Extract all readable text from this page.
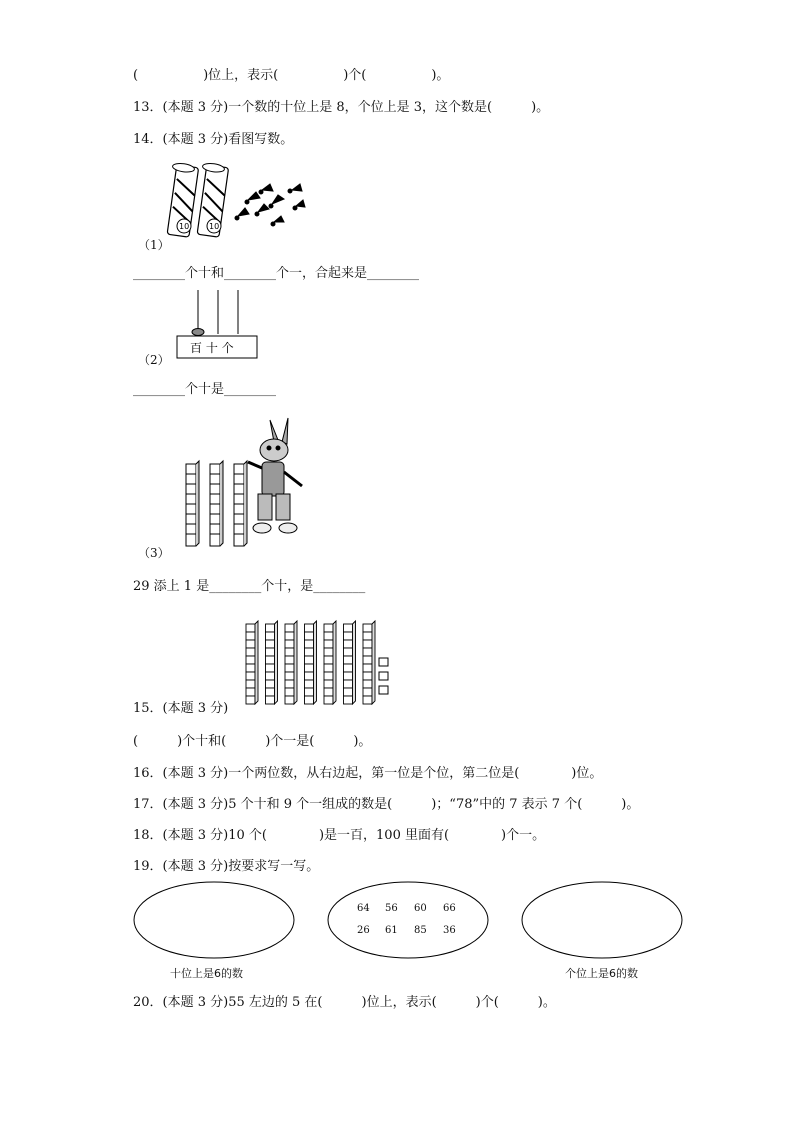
(　　　　　)位上，表示(　　　　　)个(　　　　　)。
13．(本题 3 分)一个数的十位上是 8，个位上是 3，这个数是(　　　)。
14．(本题 3 分)看图写数。
10 10
（1）
________个十和________个一，合起来是________
百 十 个
（2）
________个十是________
（3）
29 添上 1 是________个十，是________
15．(本题 3 分)
(　　　)个十和(　　　)个一是(　　　)。
16．(本题 3 分)一个两位数，从右边起，第一位是个位，第二位是(　　　　)位。
17．(本题 3 分)5 个十和 9 个一组成的数是(　　　)；“78”中的 7 表示 7 个(　　　)。
18．(本题 3 分)10 个(　　　　)是一百，100 里面有(　　　　)个一。
19．(本题 3 分)按要求写一写。
64 56 60 66
26 61 85 36
十位上是6的数	个位上是6的数
20．(本题 3 分)55 左边的 5 在(　　　)位上，表示(　　　)个(　　　)。
